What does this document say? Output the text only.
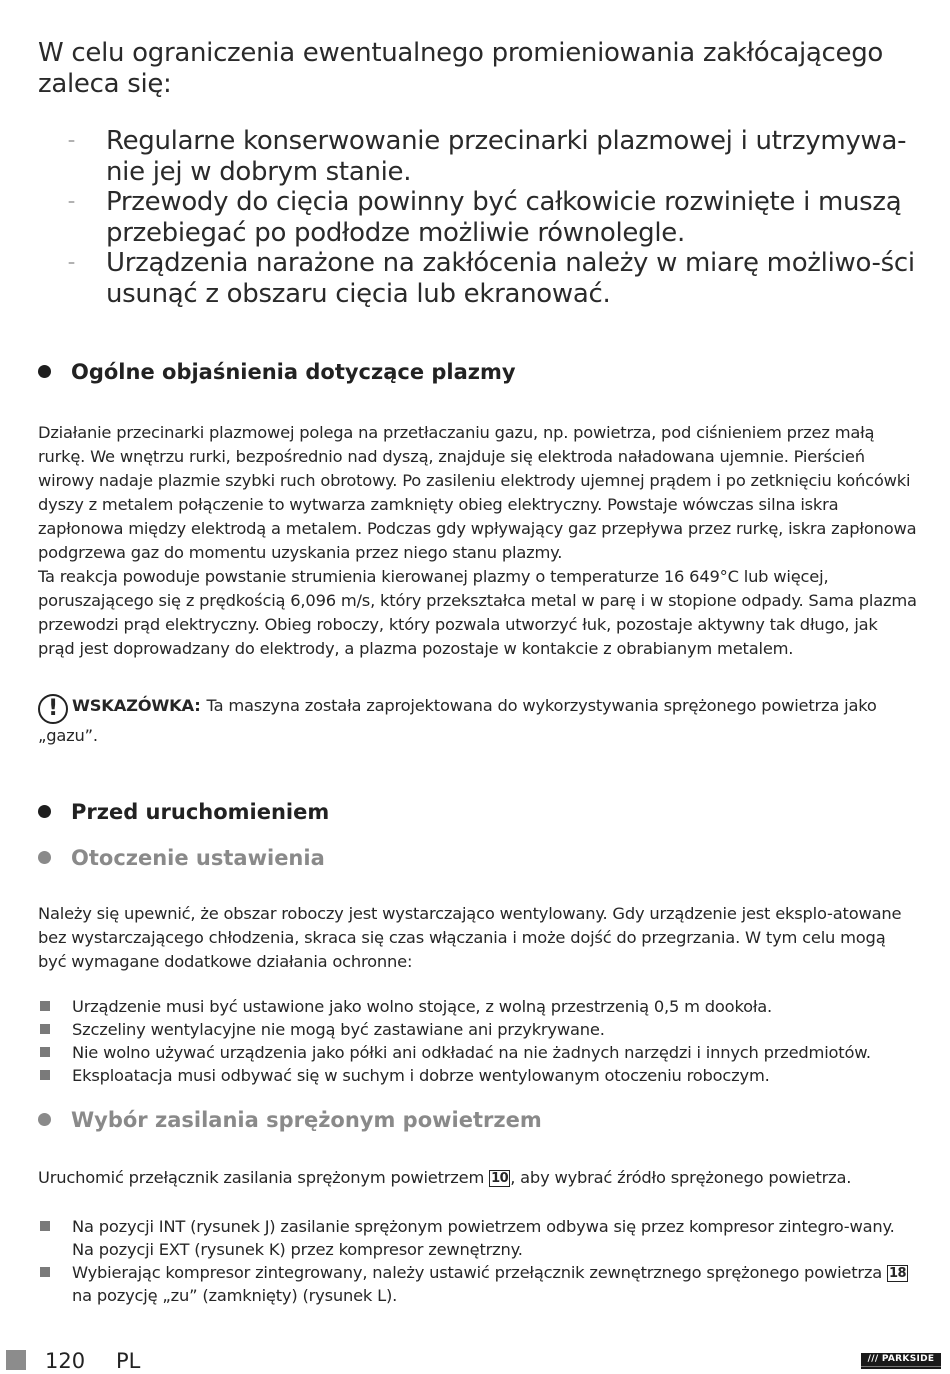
W celu ograniczenia ewentualnego promieniowania zakłócającego zaleca się:
– Regularne konserwowanie przecinarki plazmowej i utrzymywa-nie jej w dobrym stanie.
– Przewody do cięcia powinny być całkowicie rozwinięte i muszą przebiegać po podłodze możliwie równolegle.
– Urządzenia narażone na zakłócenia należy w miarę możliwo-ści usunąć z obszaru cięcia lub ekranować.
Ogólne objaśnienia dotyczące plazmy

Działanie przecinarki plazmowej polega na przetłaczaniu gazu, np. powietrza, pod ciśnieniem przez małą rurkę. We wnętrzu rurki, bezpośrednio nad dyszą, znajduje się elektroda naładowana ujemnie. Pierścień wirowy nadaje plazmie szybki ruch obrotowy. Po zasileniu elektrody ujemnej prądem i po zetknięciu końcówki dyszy z metalem połączenie to wytwarza zamknięty obieg elektryczny. Powstaje wówczas silna iskra zapłonowa między elektrodą a metalem. Podczas gdy wpływający gaz przepływa przez rurkę, iskra zapłonowa podgrzewa gaz do momentu uzyskania przez niego stanu plazmy.

Ta reakcja powoduje powstanie strumienia kierowanej plazmy o temperaturze 16 649°C lub więcej, poruszającego się z prędkością 6,096 m/s, który przekształca metal w parę i w stopione odpady. Sama plazma przewodzi prąd elektryczny. Obieg roboczy, który pozwala utworzyć łuk, pozostaje aktywny tak długo, jak prąd jest doprowadzany do elektrody, a plazma pozostaje w kontakcie z obrabianym metalem.

! WSKAZÓWKA: Ta maszyna została zaprojektowana do wykorzystywania sprężonego powietrza jako „gazu”.
Przed uruchomieniem
Otoczenie ustawienia

Należy się upewnić, że obszar roboczy jest wystarczająco wentylowany. Gdy urządzenie jest eksplo-atowane bez wystarczającego chłodzenia, skraca się czas włączania i może dojść do przegrzania. W tym celu mogą być wymagane dodatkowe działania ochronne:

Urządzenie musi być ustawione jako wolno stojące, z wolną przestrzenią 0,5 m dookoła.
Szczeliny wentylacyjne nie mogą być zastawiane ani przykrywane.
Nie wolno używać urządzenia jako półki ani odkładać na nie żadnych narzędzi i innych przedmiotów.
Eksploatacja musi odbywać się w suchym i dobrze wentylowanym otoczeniu roboczym.
Wybór zasilania sprężonym powietrzem

Uruchomić przełącznik zasilania sprężonym powietrzem 10 , aby wybrać źródło sprężonego powietrza.

Na pozycji INT (rysunek J) zasilanie sprężonym powietrzem odbywa się przez kompresor zintegro-wany. Na pozycji EXT (rysunek K) przez kompresor zewnętrzny.
Wybierając kompresor zintegrowany, należy ustawić przełącznik zewnętrznego sprężonego powietrza 18 na pozycję „zu” (zamknięty) (rysunek L).
120 PL	/// PARKSIDE
